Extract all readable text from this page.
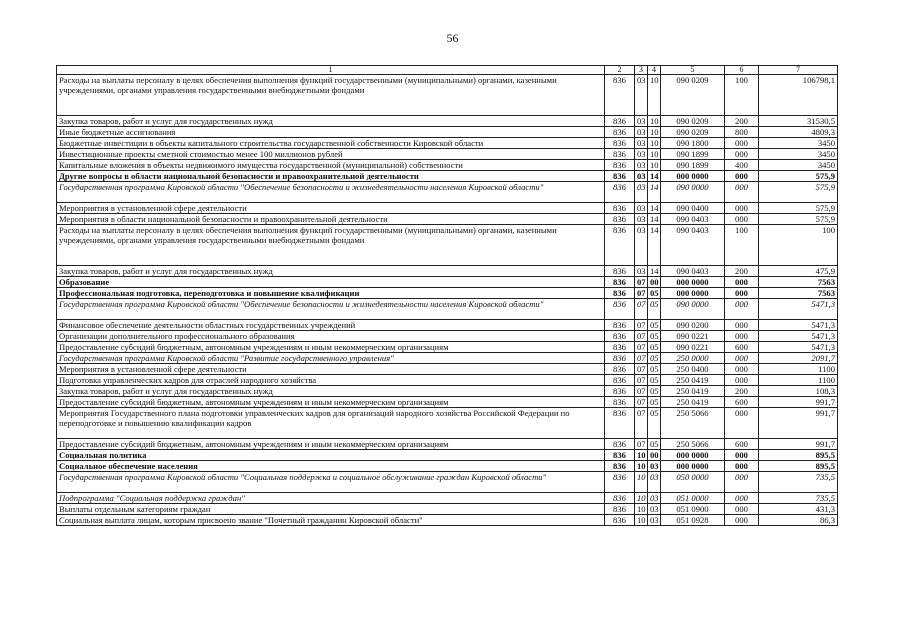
56
1	2	3	4	5	6	7
Расходы на выплаты персоналу в целях обеспечения выполнения функций государственными (муниципальными) органами, казенными учреждениями, органами управления государственными внебюджетными фондами	836	03	10	090 0209	100	106798,1
Закупка товаров, работ и услуг для государственных нужд	836	03	10	090 0209	200	31530,5
Иные бюджетные ассигнования	836	03	10	090 0209	800	4809,3
Бюджетные инвестиции в объекты капитального строительства государственной собственности Кировской области	836	03	10	090 1800	000	3450
Инвестиционные проекты сметной стоимостью менее 100 миллионов рублей	836	03	10	090 1899	000	3450
Капитальные вложения в объекты недвижимого имущества государственной (муниципальной) собственности	836	03	10	090 1899	400	3450
Другие вопросы в области национальной безопасности и правоохранительной деятельности	836	03	14	000 0000	000	575,9
Государственная программа Кировской области "Обеспечение безопасности и жизнедеятельности населения Кировской области"	836	03	14	090 0000	000	575,9
Мероприятия в установленной сфере деятельности	836	03	14	090 0400	000	575,9
Мероприятия в области национальной безопасности и правоохранительной деятельности	836	03	14	090 0403	000	575,9
Расходы на выплаты персоналу в целях обеспечения выполнения функций государственными (муниципальными) органами, казенными учреждениями, органами управления государственными внебюджетными фондами	836	03	14	090 0403	100	100
Закупка товаров, работ и услуг для государственных нужд	836	03	14	090 0403	200	475,9
Образование	836	07	00	000 0000	000	7563
Профессиональная подготовка, переподготовка и повышение квалификации	836	07	05	000 0000	000	7563
Государственная программа Кировской области "Обеспечение безопасности и жизнедеятельности населения Кировской области"	836	07	05	090 0000	000	5471,3
Финансовое обеспечение деятельности областных государственных учреждений	836	07	05	090 0200	000	5471,3
Организации дополнительного профессионального образования	836	07	05	090 0221	000	5471,3
Предоставление субсидий бюджетным, автономным учреждениям и иным некоммерческим организациям	836	07	05	090 0221	600	5471,3
Государственная программа Кировской области "Развитие государственного управления"	836	07	05	250 0000	000	2091,7
Мероприятия в установленной сфере деятельности	836	07	05	250 0400	000	1100
Подготовка управленческих кадров для отраслей народного хозяйства	836	07	05	250 0419	000	1100
Закупка товаров, работ и услуг для государственных нужд	836	07	05	250 0419	200	108,3
Предоставление субсидий бюджетным, автономным учреждениям и иным некоммерческим организациям	836	07	05	250 0419	600	991,7
Мероприятия Государственного плана подготовки управленческих кадров для организаций народного хозяйства Российской Федерации по переподготовке и повышению квалификации кадров	836	07	05	250 5066	000	991,7
Предоставление субсидий бюджетным, автономным учреждениям и иным некоммерческим организациям	836	07	05	250 5066	600	991,7
Социальная политика	836	10	00	000 0000	000	895,5
Социальное обеспечение населения	836	10	03	000 0000	000	895,5
Государственная программа Кировской области "Социальная поддержка и социальное обслуживание граждан Кировской области"	836	10	03	050 0000	000	735,5
Подпрограмма "Социальная поддержка граждан"	836	10	03	051 0000	000	735,5
Выплаты отдельным категориям граждан	836	10	03	051 0900	000	431,3
Социальная выплата лицам, которым присвоено звание "Почетный гражданин Кировской области"	836	10	03	051 0928	000	86,3
